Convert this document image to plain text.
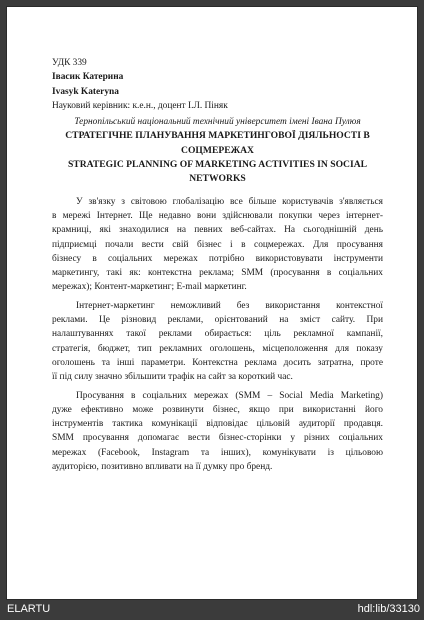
УДК 339
Івасик Катерина
Ivasyk Kateryna
Науковий керівник: к.е.н., доцент І.Л. Піняк
Тернопільський національний технічний університет імені Івана Пулюя
СТРАТЕГІЧНЕ ПЛАНУВАННЯ МАРКЕТИНГОВОЇ ДІЯЛЬНОСТІ В
СОЦМЕРЕЖАХ
STRATEGIC PLANNING OF MARKETING ACTIVITIES IN SOCIAL
NETWORKS
У зв'язку з світовою глобалізацію все більше користувачів з'являється
в мережі Інтернет. Ще недавно вони здійснювали покупки через інтернет-
крамниці, які знаходилися на певних веб-сайтах. На сьогоднішній день
підприємці почали вести свій бізнес і в соцмережах. Для просування
бізнесу в соціальних мережах потрібно використовувати інструменти
маркетингу, такі як: контекстна реклама; SMM (просування в соціальних
мережах); Контент-маркетинг; E-mail маркетинг.
Інтернет-маркетинг неможливий без використання контекстної
реклами. Це різновид реклами, орієнтований на зміст сайту. При
налаштуваннях такої реклами обирається: ціль рекламної кампанії,
стратегія, бюджет, тип рекламних оголошень, місцеположення для показу
оголошень та інші параметри. Контекстна реклама досить затратна, проте
її під силу значно збільшити трафік на сайт за короткий час.
Просування в соціальних мережах (SMM – Social Media Marketing)
дуже ефективно може розвинути бізнес, якщо при використанні його
інструментів тактика комунікації відповідає цільовій аудиторії продавця.
SMM просування допомагає вести бізнес-сторінки у різних соціальних
мережах (Facebook, Instagram та інших), комунікувати із цільовою
аудиторією, позитивно впливати на її думку про бренд.
ELARTU	hdl:lib/33130
